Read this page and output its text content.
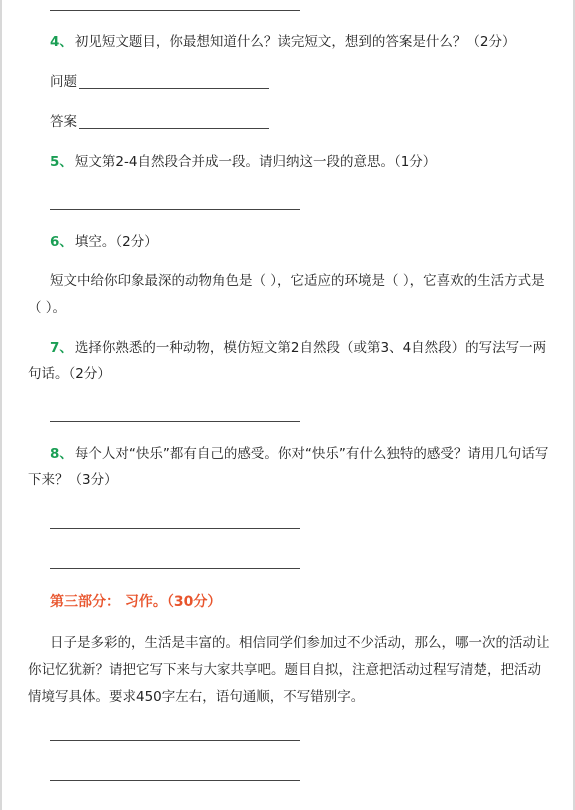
4、 初见短文题目，你最想知道什么？读完短文，想到的答案是什么？（2分）
问题
答案
5、 短文第2-4自然段合并成一段。请归纳这一段的意思。（1分）
6、 填空。（2分）
短文中给你印象最深的动物角色是（ ），它适应的环境是（ ），它喜欢的生活方式是（ ）。
7、 选择你熟悉的一种动物，模仿短文第2自然段（或第3、4自然段）的写法写一两句话。（2分）
8、 每个人对“快乐”都有自己的感受。你对“快乐”有什么独特的感受？请用几句话写下来？（3分）
第三部分： 习作。（30分）
日子是多彩的，生活是丰富的。相信同学们参加过不少活动，那么，哪一次的活动让你记忆犹新？请把它写下来与大家共享吧。题目自拟，注意把活动过程写清楚，把活动情境写具体。要求450字左右，语句通顺，不写错别字。
